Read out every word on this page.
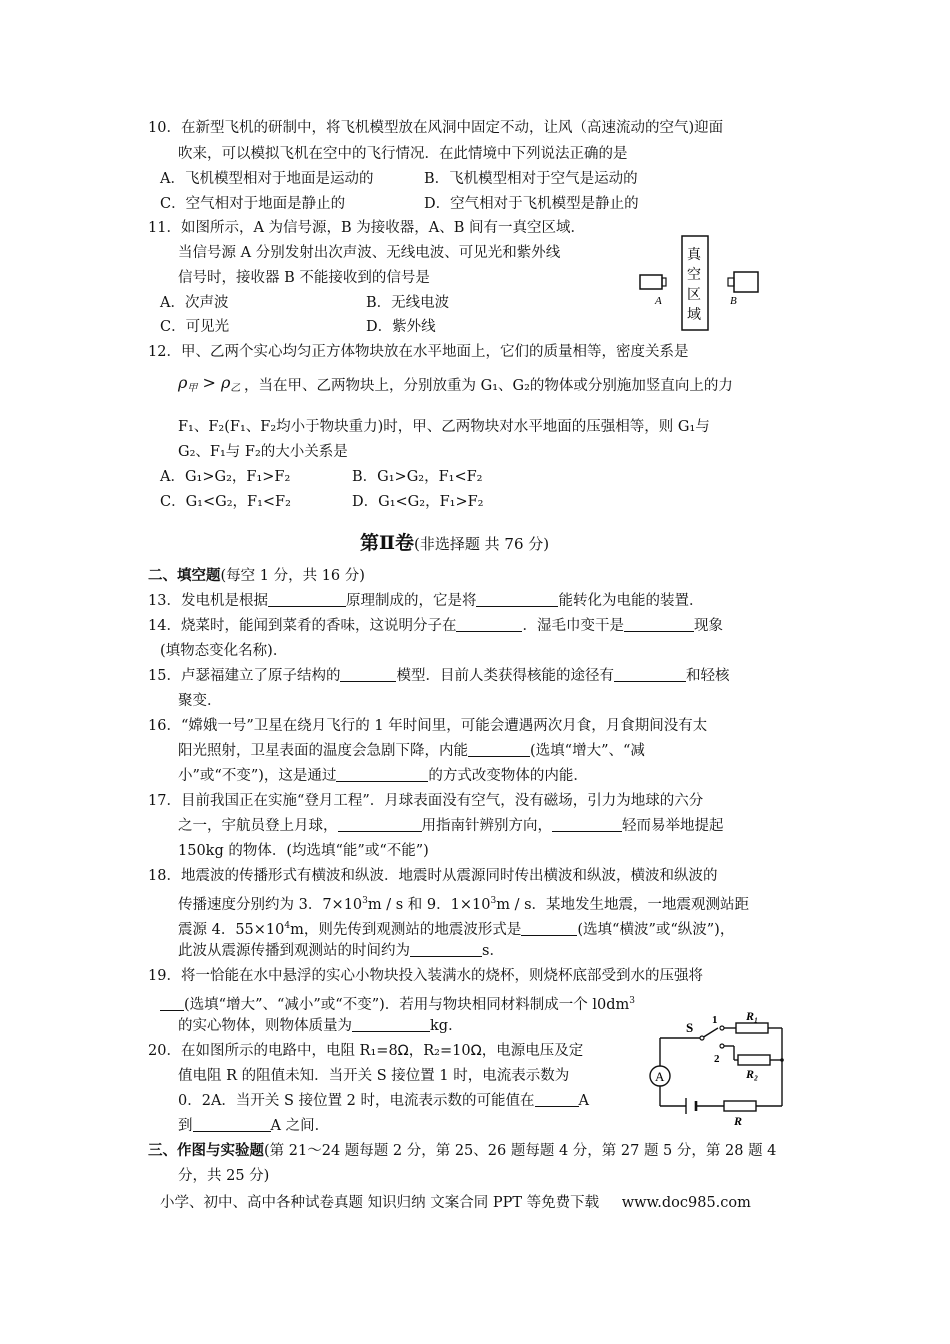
10．在新型飞机的研制中，将飞机模型放在风洞中固定不动，让风（高速流动的空气)迎面
吹来，可以模拟飞机在空中的飞行情况．在此情境中下列说法正确的是
A．飞机模型相对于地面是运动的	B．飞机模型相对于空气是运动的
C．空气相对于地面是静止的	D．空气相对于飞机模型是静止的
11．如图所示，A 为信号源，B 为接收器，A、B 间有一真空区域．
当信号源 A 分别发射出次声波、无线电波、可见光和紫外线
信号时，接收器 B 不能接收到的信号是
A．次声波	B．无线电波
C．可见光	D．紫外线
A
真
空
区
域
B
12．甲、乙两个实心均匀正方体物块放在水平地面上，它们的质量相等，密度关系是
$\rho_甲 > \rho_乙$ ，当在甲、乙两物块上，分别放重为 G₁、G₂的物体或分别施加竖直向上的力
F₁、F₂(F₁、F₂均小于物块重力)时，甲、乙两物块对水平地面的压强相等，则 G₁与
G₂、F₁与 F₂的大小关系是
A．G₁>G₂，F₁>F₂	B．G₁>G₂，F₁<F₂
C．G₁<G₂，F₁<F₂	D．G₁<G₂，F₁>F₂
第Ⅱ卷(非选择题 共 76 分)
二、填空题(每空 1 分，共 16 分)
13．发电机是根据	原理制成的，它是将	能转化为电能的装置．
14．烧菜时，能闻到菜肴的香味，这说明分子在	．湿毛巾变干是	现象
(填物态变化名称)．
15．卢瑟福建立了原子结构的	模型．目前人类获得核能的途径有	和轻核
聚变．
16．“嫦娥一号”卫星在绕月飞行的 1 年时间里，可能会遭遇两次月食，月食期间没有太
阳光照射，卫星表面的温度会急剧下降，内能	(选填“增大”、“减
小”或“不变”)，这是通过	的方式改变物体的内能．
17．目前我国正在实施“登月工程”．月球表面没有空气，没有磁场，引力为地球的六分
之一，宇航员登上月球，	用指南针辨别方向，	轻而易举地提起
150kg 的物体．(均选填“能”或“不能”)
18．地震波的传播形式有横波和纵波．地震时从震源同时传出横波和纵波，横波和纵波的
传播速度分别约为 3．$7\times 10^3m / s$ 和 9．$1\times 10^3m / s$．某地发生地震，一地震观测站距
震源 4．$55\times 10^4m$，则先传到观测站的地震波形式是	(选填“横波”或“纵波”)，
此波从震源传播到观测站的时间约为	s．
19．将一恰能在水中悬浮的实心小物块投入装满水的烧杯，则烧杯底部受到水的压强将
(选填“增大”、“减小”或“不变”)．若用与物块相同材料制成一个 $l0dm^3$
的实心物体，则物体质量为	kg．
20．在如图所示的电路中，电阻 R₁=8Ω，R₂=10Ω，电源电压及定
值电阻 R 的阻值未知．当开关 S 接位置 1 时，电流表示数为
0．2A．当开关 S 接位置 2 时，电流表示数的可能值在	A
到	A 之间．
A
S 1
2
R₁
R₂
R
三、作图与实验题(第 21～24 题每题 2 分，第 25、26 题每题 4 分，第 27 题 5 分，第 28 题 4
分，共 25 分)
小学、初中、高中各种试卷真题 知识归纳 文案合同 PPT 等免费下载 www.doc985.com
